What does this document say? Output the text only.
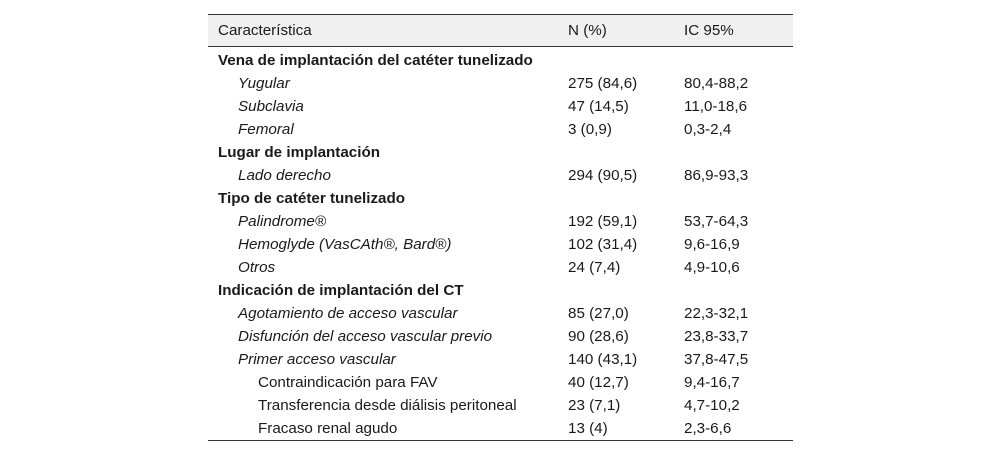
Característica	N (%)	IC 95%
Vena de implantación del catéter tunelizado		
Yugular	275 (84,6)	80,4-88,2
Subclavia	47 (14,5)	11,0-18,6
Femoral	3 (0,9)	0,3-2,4
Lugar de implantación		
Lado derecho	294 (90,5)	86,9-93,3
Tipo de catéter tunelizado		
Palindrome®	192 (59,1)	53,7-64,3
Hemoglyde (VasCAth®, Bard®)	102 (31,4)	9,6-16,9
Otros	24 (7,4)	4,9-10,6
Indicación de implantación del CT		
Agotamiento de acceso vascular	85 (27,0)	22,3-32,1
Disfunción del acceso vascular previo	90 (28,6)	23,8-33,7
Primer acceso vascular	140 (43,1)	37,8-47,5
Contraindicación para FAV	40 (12,7)	9,4-16,7
Transferencia desde diálisis peritoneal	23 (7,1)	4,7-10,2
Fracaso renal agudo	13 (4)	2,3-6,6
